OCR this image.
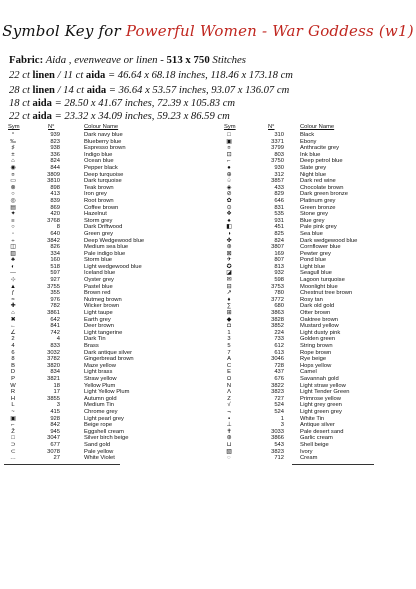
Symbol Key for Powerful Women - War Goddess (w1)
Fabric: Aida , evenweave or linen - 513 x 750 Stitches
22 ct linen / 11 ct aida = 46.64 x 68.18 inches, 118.46 x 173.18 cm
28 ct linen / 14 ct aida = 36.64 x 53.57 inches, 93.07 x 136.07 cm
18 ct aida = 28.50 x 41.67 inches, 72.39 x 105.83 cm
22 ct aida = 23.32 x 34.09 inches, 59.23 x 86.59 cm
Sym	N°	Colour Name	Sym	N°	Colour Name
°	939	Dark navy blue	□	310	Black
‰	823	Blueberry blue	▣	3371	Ebony
♯	938	Espresso brown	¤	3799	Anthracite grey
±	336	Indigo blue	⊡	803	Ink blue
⌂	824	Ocean blue	⌐	3750	Deep petrol blue
◉	844	Pepper black	●	930	Slate grey
¤	3809	Deep turquoise	⊕	312	Night blue
▭	3810	Dark turquoise	♤	3857	Dark red wine
⊗	898	Teak brown	◈	433	Chocolate brown
○	413	Iron grey	⊘	829	Dark green bronze
◎	839	Root brown	✿	646	Platinum grey
▤	869	Coffee brown	⊙	831	Green bronze
✦	420	Hazelnut	❖	535	Stone grey
≡	3768	Storm grey	♠	931	Blue grey
○	8	Dark Driftwood	◧	451	Pale pink grey
◦	640	Green grey	◑	825	Sea blue
÷	3842	Deep Wedgewood blue	✤	824	Dark wedgewood blue
◫	826	Medium sea blue	⊛	3807	Cornflower blue
▥	334	Pale indigo blue	⊠	169	Pewter grey
♣	160	Storm blue	✈	807	Pond blue
◐	518	Light wedgewood blue	✪	813	Light blue
—	597	Iceland blue	◪	932	Seagull blue
⊹	927	Oyster grey	✉	598	Lagoon turquoise
▲	3755	Pastel blue	⊟	3753	Moonlight blue
ƒ	355	Brown red	↗	780	Chestnut tree brown
≈	976	Nutmeg brown	♦	3772	Rosy tan
✚	782	Wicker brown	∑	680	Dark old gold
⌂	3861	Light taupe	⊞	3863	Otter brown
✖	642	Earth grey	◆	3828	Oaktree brown
←	841	Deer brown	◘	3852	Mustard yellow
∠	742	Light tangerine	1	224	Light dusty pink
2	4	Dark Tin	3	733	Golden green
4	833	Brass	5	612	String brown
6	3032	Dark antique silver	7	613	Rope brown
8	3782	Gingerbread brown	A	3046	Rye beige
B	3820	Maze yellow	C	728	Hops yellow
D	834	Light brass	E	437	Camel
P	3821	Straw yellow	Ω	676	Savannah gold
W	18	Yellow Plum	N	3822	Light straw yellow
R	17	Light Yellow Plum	Λ	3823	Light Tender Green
H	3855	Autumn gold	Z	727	Primrose yellow
L	3	Medium Tin	√	524	Light grey green
~	415	Chrome grey	¬	524	Light green grey
▣	928	Light pearl grey	▪	1	White Tin
⌐	842	Beige rope	⊥	3	Antique silver
Ž	945	Eggshell cream	✝	3033	Pale desert sand
□	3047	Silver birch beige	⊛	3866	Garlic cream
⊃	677	Sand gold	⊔	543	Shell beige
⊂	3078	Pale yellow	▧	3823	Ivory
…	27	White Violet	◌	712	Cream
